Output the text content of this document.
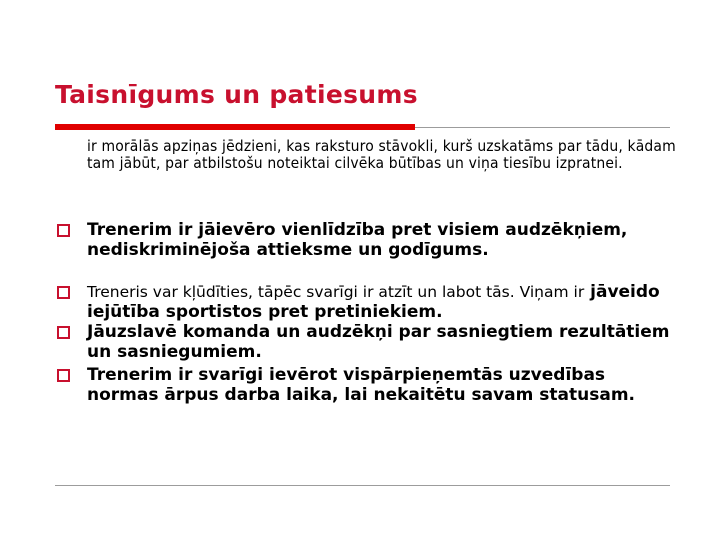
Taisnīgums un patiesums
ir morālās apziņas jēdzieni, kas raksturo stāvokli, kurš uzskatāms par tādu, kādam tam jābūt, par atbilstošu noteiktai cilvēka būtības un viņa tiesību izpratnei.
Trenerim ir jāievēro vienlīdzība pret visiem audzēkņiem, nediskriminējoša attieksme un godīgums.
Treneris var kļūdīties, tāpēc svarīgi ir atzīt un labot tās. Viņam ir jāveido iejūtība sportistos pret pretiniekiem.
Jāuzslavē komanda un audzēkņi par sasniegtiem rezultātiem un sasniegumiem.
Trenerim ir svarīgi ievērot vispārpieņemtās uzvedības normas ārpus darba laika, lai nekaitētu savam statusam.
